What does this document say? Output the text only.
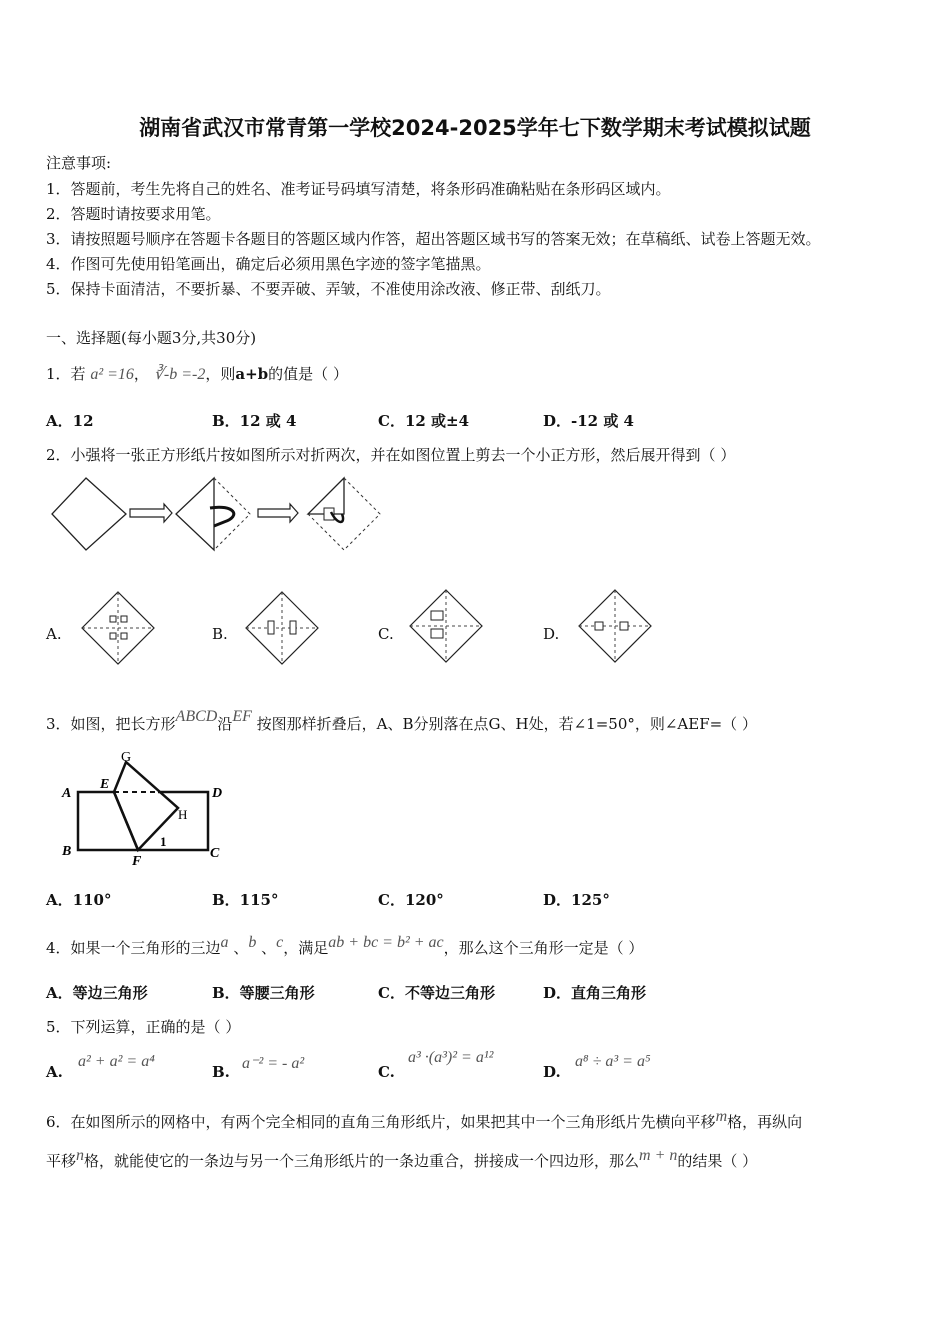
湖南省武汉市常青第一学校2024-2025学年七下数学期末考试模拟试题
注意事项:
1．答题前，考生先将自己的姓名、准考证号码填写清楚，将条形码准确粘贴在条形码区域内。
2．答题时请按要求用笔。
3．请按照题号顺序在答题卡各题目的答题区域内作答，超出答题区域书写的答案无效；在草稿纸、试卷上答题无效。
4．作图可先使用铅笔画出，确定后必须用黑色字迹的签字笔描黑。
5．保持卡面清洁，不要折暴、不要弄破、弄皱，不准使用涂改液、修正带、刮纸刀。
一、选择题(每小题3分,共30分)
1．若 a² =16， ∛-b =-2，则a+b的值是（ ）
A．12	B．12 或 4	C．12 或±4	D．-12 或 4
2．小强将一张正方形纸片按如图所示对折两次，并在如图位置上剪去一个小正方形，然后展开得到（ ）
A.	B.	C.	D.
3．如图，把长方形ABCD沿EF 按图那样折叠后，A、B分别落在点G、H处，若∠1=50°，则∠AEF=（ ）
A
E
G
D
H
B
F
1
C
A．110°	B．115°	C．120°	D．125°
4．如果一个三角形的三边a 、b 、c，满足ab + bc = b² + ac，那么这个三角形一定是（ ）
A．等边三角形	B．等腰三角形	C．不等边三角形	D．直角三角形
5．下列运算，正确的是（ ）
A.	B.	C.	D.
a² + a² = a⁴	a⁻² = - a²	a³ ·(a³)² = a¹²	a⁸ ÷ a³ = a⁵
6．在如图所示的网格中，有两个完全相同的直角三角形纸片，如果把其中一个三角形纸片先横向平移m格，再纵向
平移n格，就能使它的一条边与另一个三角形纸片的一条边重合，拼接成一个四边形，那么m + n的结果（ ）
